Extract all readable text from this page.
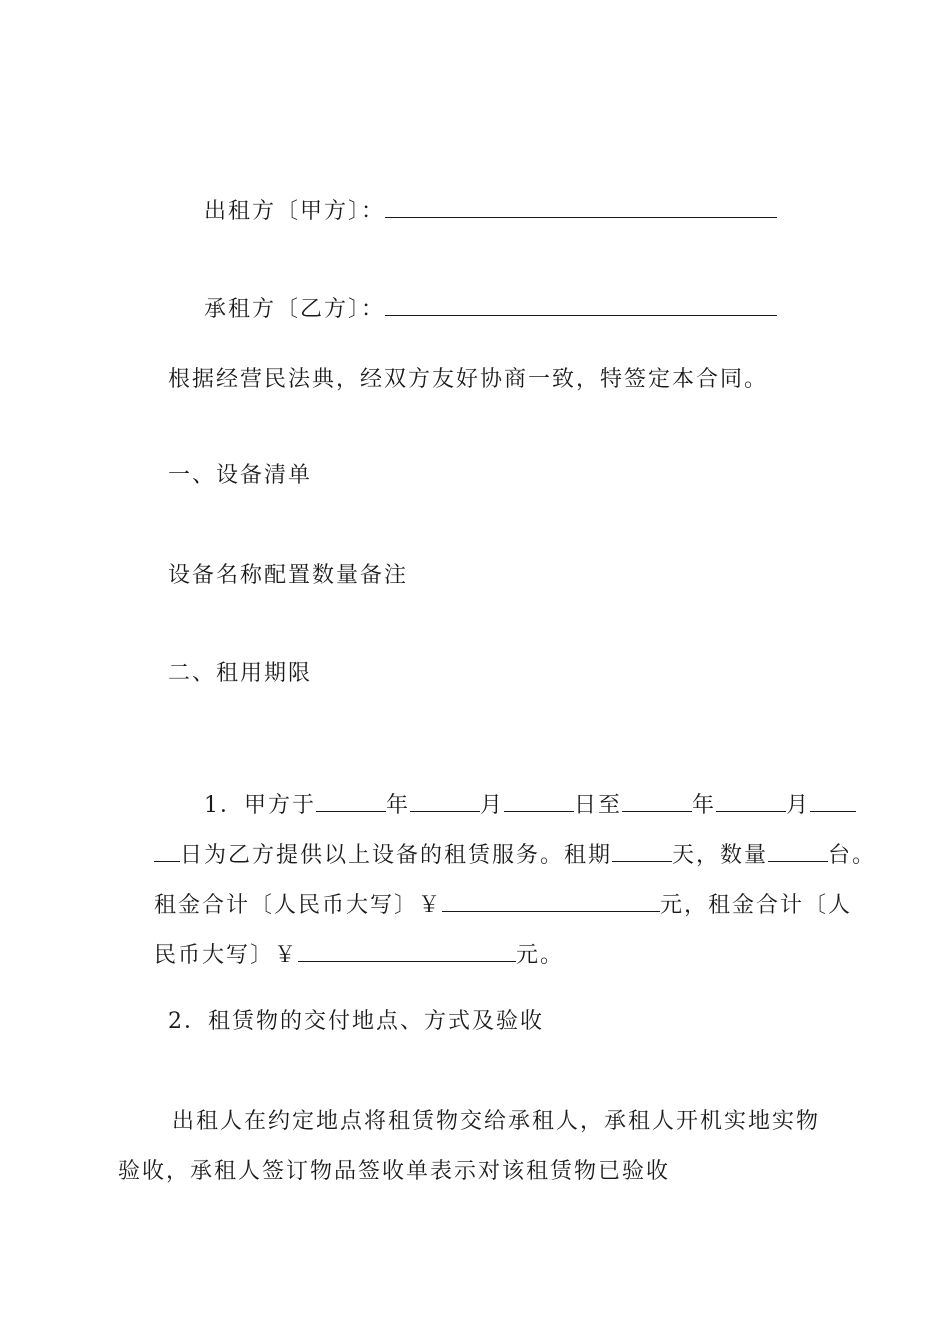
出租方〔甲方〕：

承租方〔乙方〕：

根据经营民法典，经双方友好协商一致，特签定本合同。
一、设备清单
设备名称配置数量备注
二、租用期限

1．甲方于	年	月	日至	年	月

日为乙方提供以上设备的租赁服务。租期	天，数量	台。

租金合计〔人民币大写〕￥	元，租金合计〔人

民币大写〕￥	元。

2．租赁物的交付地点、方式及验收
出租人在约定地点将租赁物交给承租人，承租人开机实地实物
验收，承租人签订物品签收单表示对该租赁物已验收
